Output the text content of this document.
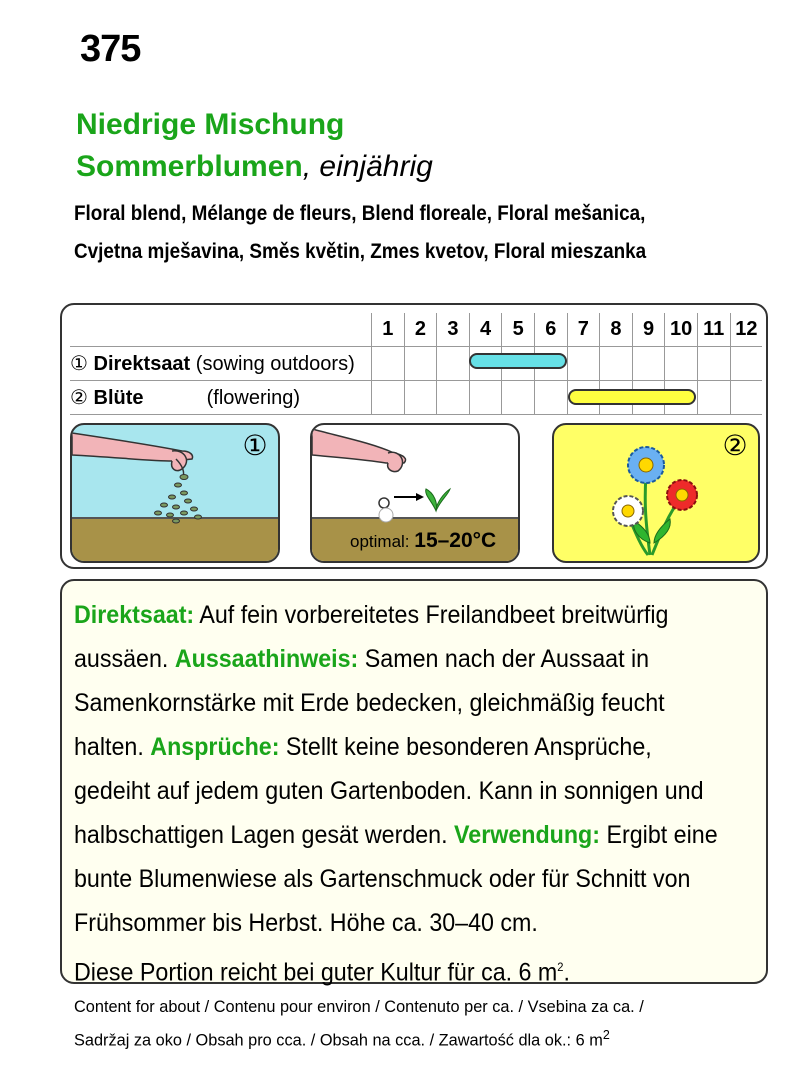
375
Niedrige Mischung
Sommerblumen, einjährig
Floral blend, Mélange de fleurs, Blend floreale, Floral mešanica,
Cvjetna mješavina, Směs květin, Zmes kvetov, Floral mieszanka
	1	2	3	4	5	6	7	8	9	10	11	12
① Direktsaat (sowing outdoors)												
② Blüte (flowering)												
①
optimal: 15–20°C
②
Direktsaat: Auf fein vorbereitetes Freilandbeet breitwürfig aussäen. Aussaathinweis: Samen nach der Aussaat in Samenkornstärke mit Erde bedecken, gleichmäßig feucht halten. Ansprüche: Stellt keine besonderen Ansprüche, gedeiht auf jedem guten Gartenboden. Kann in sonnigen und halbschattigen Lagen gesät werden. Verwendung: Ergibt eine bunte Blumenwiese als Gartenschmuck oder für Schnitt von Frühsommer bis Herbst. Höhe ca. 30–40 cm.
Diese Portion reicht bei guter Kultur für ca. 6 $m^2$.
Content for about / Contenu pour environ / Contenuto per ca. / Vsebina za ca. /
Sadržaj za oko / Obsah pro cca. / Obsah na cca. / Zawartość dla ok.: 6 $m^2$
